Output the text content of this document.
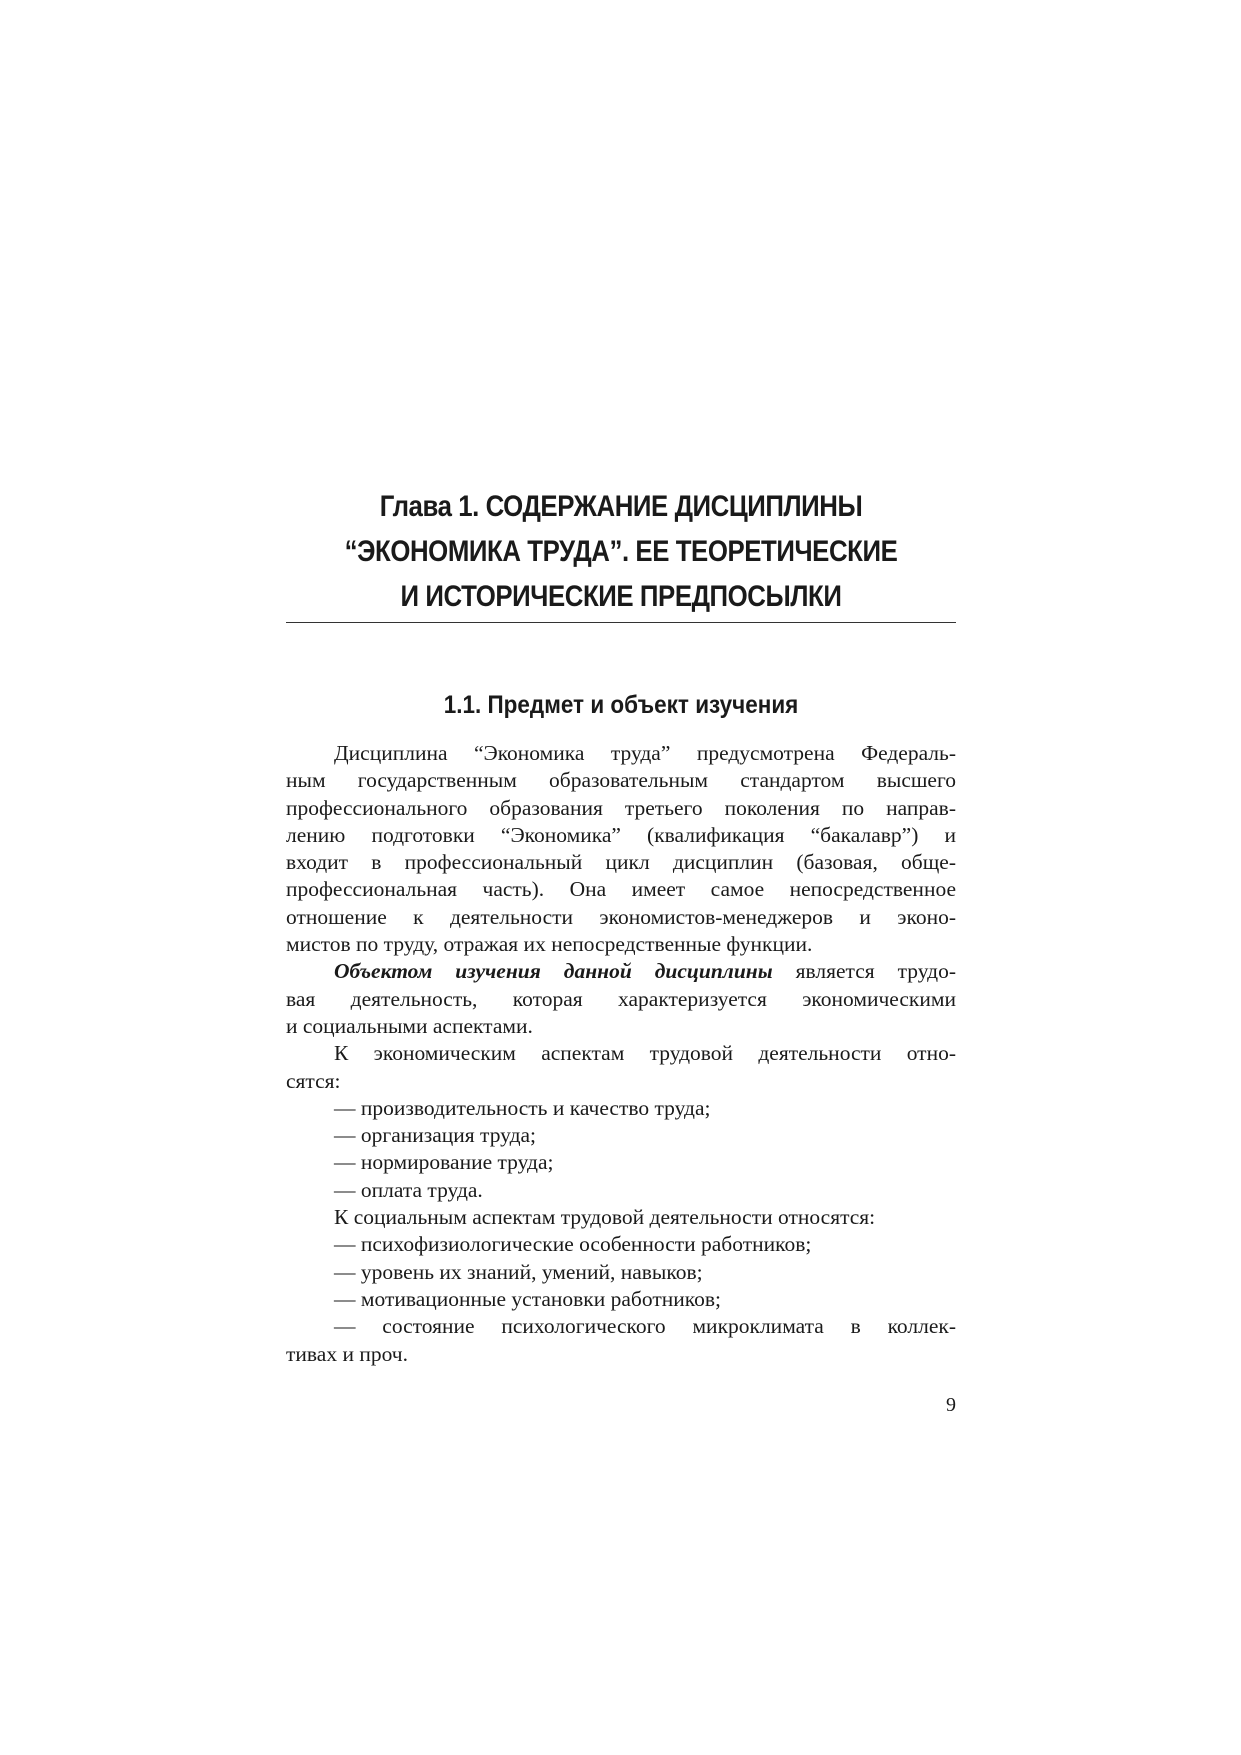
Глава 1. СОДЕРЖАНИЕ ДИСЦИПЛИНЫ
“ЭКОНОМИКА ТРУДА”. ЕЕ ТЕОРЕТИЧЕСКИЕ
И ИСТОРИЧЕСКИЕ ПРЕДПОСЫЛКИ
1.1. Предмет и объект изучения
Дисциплина “Экономика труда” предусмотрена Федераль-
ным государственным образовательным стандартом высшего
профессионального образования третьего поколения по направ-
лению подготовки “Экономика” (квалификация “бакалавр”) и
входит в профессиональный цикл дисциплин (базовая, обще-
профессиональная часть). Она имеет самое непосредственное
отношение к деятельности экономистов-менеджеров и эконо-
мистов по труду, отражая их непосредственные функции.
Объектом изучения данной дисциплины является трудо-
вая деятельность, которая характеризуется экономическими
и социальными аспектами.
К экономическим аспектам трудовой деятельности отно-
сятся:
— производительность и качество труда;
— организация труда;
— нормирование труда;
— оплата труда.
К социальным аспектам трудовой деятельности относятся:
— психофизиологические особенности работников;
— уровень их знаний, умений, навыков;
— мотивационные установки работников;
— состояние психологического микроклимата в коллек-
тивах и проч.
9
